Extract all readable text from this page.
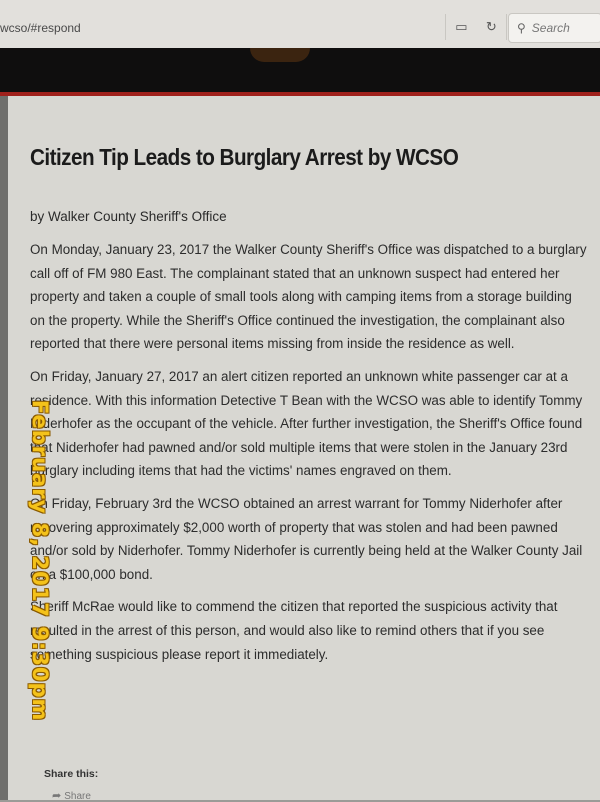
wcso/#respond	▭ ↻ ⚲ Search
Citizen Tip Leads to Burglary Arrest by WCSO

by Walker County Sheriff's Office

On Monday, January 23, 2017 the Walker County Sheriff's Office was dispatched to a burglary call off of FM 980 East. The complainant stated that an unknown suspect had entered her property and taken a couple of small tools along with camping items from a storage building on the property. While the Sheriff's Office continued the investigation, the complainant also reported that there were personal items missing from inside the residence as well.

On Friday, January 27, 2017 an alert citizen reported an unknown white passenger car at a residence. With this information Detective T Bean with the WCSO was able to identify Tommy Niderhofer as the occupant of the vehicle. After further investigation, the Sheriff's Office found that Niderhofer had pawned and/or sold multiple items that were stolen in the January 23rd burglary including items that had the victims' names engraved on them.

On Friday, February 3rd the WCSO obtained an arrest warrant for Tommy Niderhofer after recovering approximately $2,000 worth of property that was stolen and had been pawned and/or sold by Niderhofer. Tommy Niderhofer is currently being held at the Walker County Jail on a $100,000 bond.

Sheriff McRae would like to commend the citizen that reported the suspicious activity that resulted in the arrest of this person, and would also like to remind others that if you see something suspicious please report it immediately.

Share this:
➦ Share
February 8, 2017 9:30pm
